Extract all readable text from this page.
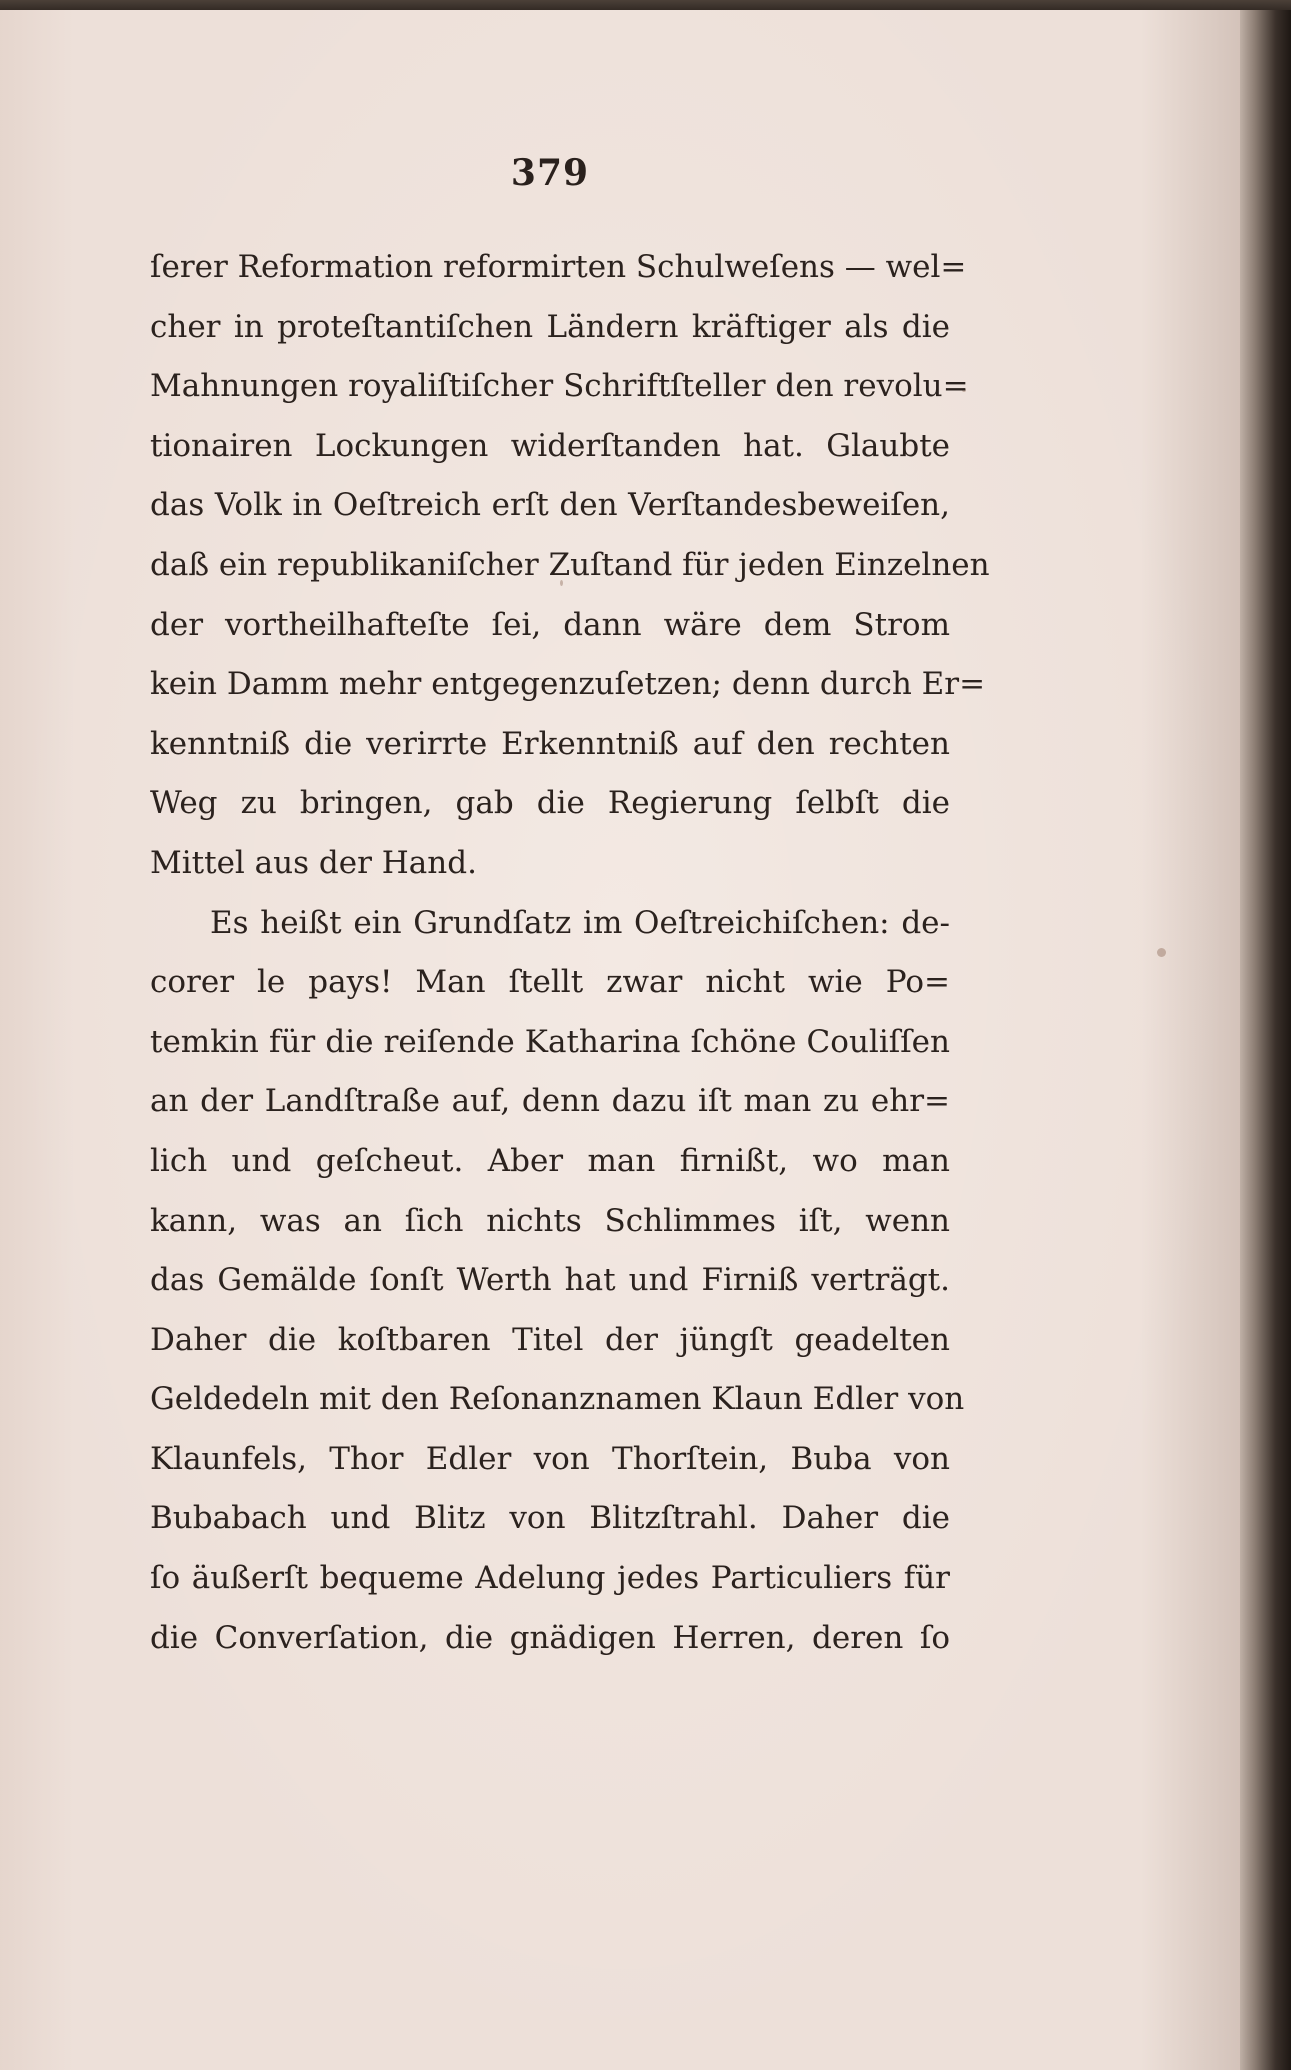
379
ſerer Reformation reformirten Schulweſens — wel=
cher in proteſtantiſchen Ländern kräftiger als die
Mahnungen royaliſtiſcher Schriftſteller den revolu=
tionairen Lockungen widerſtanden hat. Glaubte
das Volk in Oeſtreich erſt den Verſtandesbeweiſen,
daß ein republikaniſcher Zuſtand für jeden Einzelnen
der vortheilhafteſte ſei, dann wäre dem Strom
kein Damm mehr entgegenzuſetzen; denn durch Er=
kenntniß die verirrte Erkenntniß auf den rechten
Weg zu bringen, gab die Regierung ſelbſt die
Mittel aus der Hand.
Es heißt ein Grundſatz im Oeſtreichiſchen: de-
corer le pays! Man ſtellt zwar nicht wie Po=
temkin für die reiſende Katharina ſchöne Couliſſen
an der Landſtraße auf, denn dazu iſt man zu ehr=
lich und geſcheut. Aber man firnißt, wo man
kann, was an ſich nichts Schlimmes iſt, wenn
das Gemälde ſonſt Werth hat und Firniß verträgt.
Daher die koſtbaren Titel der jüngſt geadelten
Geldedeln mit den Reſonanznamen Klaun Edler von
Klaunfels, Thor Edler von Thorſtein, Buba von
Bubabach und Blitz von Blitzſtrahl. Daher die
ſo äußerſt bequeme Adelung jedes Particuliers für
die Converſation, die gnädigen Herren, deren ſo
